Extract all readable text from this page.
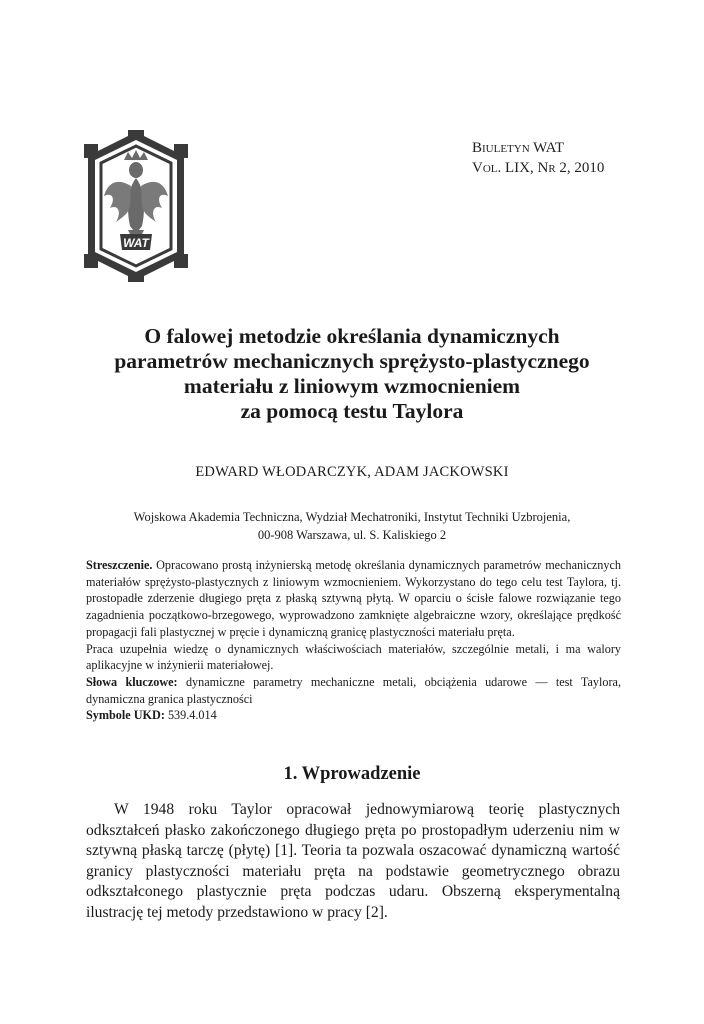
WAT
Biuletyn WAT
Vol. LIX, Nr 2, 2010
O falowej metodzie określania dynamicznych
parametrów mechanicznych sprężysto-plastycznego
materiału z liniowym wzmocnieniem
za pomocą testu Taylora
EDWARD WŁODARCZYK, ADAM JACKOWSKI
Wojskowa Akademia Techniczna, Wydział Mechatroniki, Instytut Techniki Uzbrojenia,
00-908 Warszawa, ul. S. Kaliskiego 2

Streszczenie. Opracowano prostą inżynierską metodę określania dynamicznych parametrów mechanicznych materiałów sprężysto-plastycznych z liniowym wzmocnieniem. Wykorzystano do tego celu test Taylora, tj. prostopadłe zderzenie długiego pręta z płaską sztywną płytą. W oparciu o ścisłe falowe rozwiązanie tego zagadnienia początkowo-brzegowego, wyprowadzono zamknięte algebraiczne wzory, określające prędkość propagacji fali plastycznej w pręcie i dynamiczną granicę plastyczności materiału pręta.

Praca uzupełnia wiedzę o dynamicznych właściwościach materiałów, szczególnie metali, i ma walory aplikacyjne w inżynierii materiałowej.

Słowa kluczowe: dynamiczne parametry mechaniczne metali, obciążenia udarowe — test Taylora, dynamiczna granica plastyczności

Symbole UKD: 539.4.014

1. Wprowadzenie

W 1948 roku Taylor opracował jednowymiarową teorię plastycznych odkształceń płasko zakończonego długiego pręta po prostopadłym uderzeniu nim w sztywną płaską tarczę (płytę) [1]. Teoria ta pozwala oszacować dynamiczną wartość granicy plastyczności materiału pręta na podstawie geometrycznego obrazu odkształconego plastycznie pręta podczas udaru. Obszerną eksperymentalną ilustrację tej metody przedstawiono w pracy [2].
